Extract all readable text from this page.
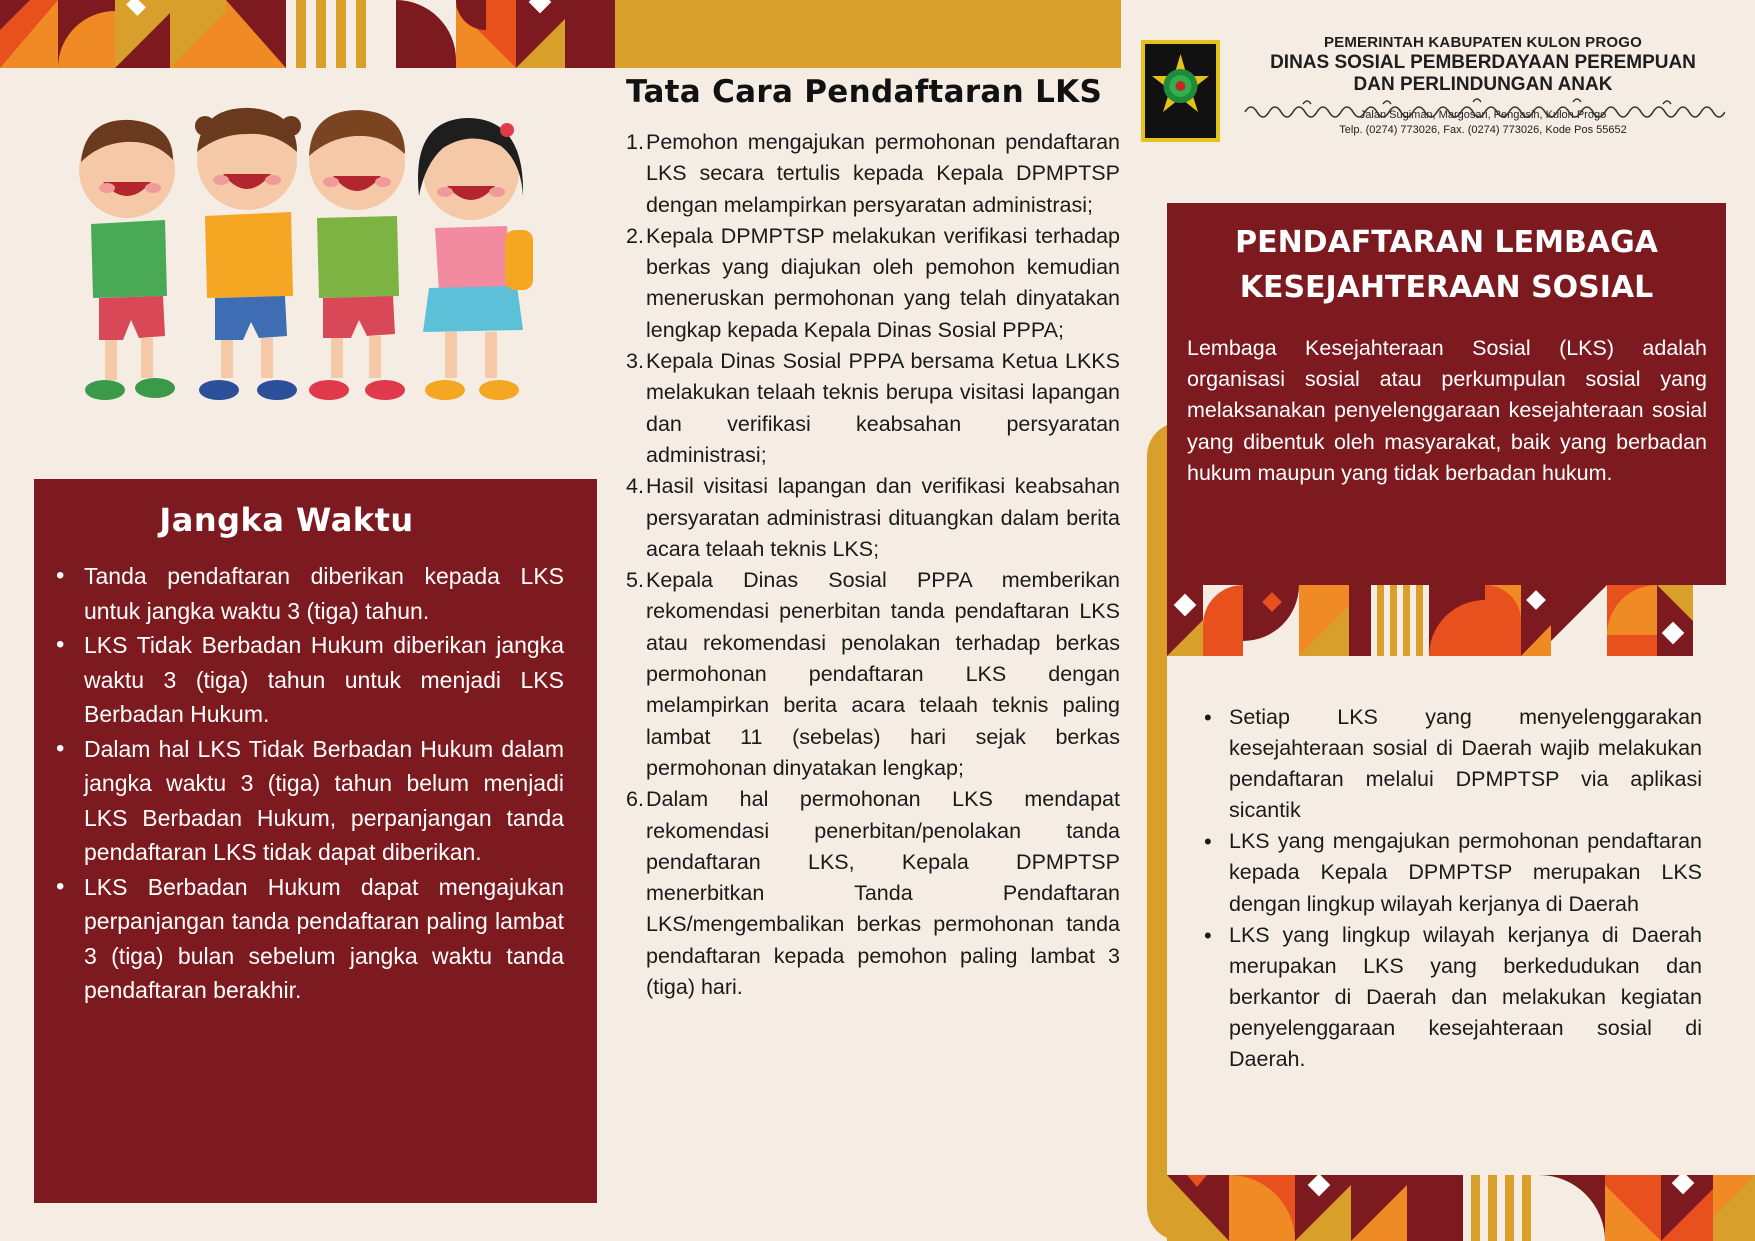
Jangka Waktu
• Tanda pendaftaran diberikan kepada LKS untuk jangka waktu 3 (tiga) tahun.
• LKS Tidak Berbadan Hukum diberikan jangka waktu 3 (tiga) tahun untuk menjadi LKS Berbadan Hukum.
• Dalam hal LKS Tidak Berbadan Hukum dalam jangka waktu 3 (tiga) tahun belum menjadi LKS Berbadan Hukum, perpanjangan tanda pendaftaran LKS tidak dapat diberikan.
• LKS Berbadan Hukum dapat mengajukan perpanjangan tanda pendaftaran paling lambat 3 (tiga) bulan sebelum jangka waktu tanda pendaftaran berakhir.
Tata Cara Pendaftaran LKS
1. Pemohon mengajukan permohonan pendaftaran LKS secara tertulis kepada Kepala DPMPTSP dengan melampirkan persyaratan administrasi;
2. Kepala DPMPTSP melakukan verifikasi terhadap berkas yang diajukan oleh pemohon kemudian meneruskan permohonan yang telah dinyatakan lengkap kepada Kepala Dinas Sosial PPPA;
3. Kepala Dinas Sosial PPPA bersama Ketua LKKS melakukan telaah teknis berupa visitasi lapangan dan verifikasi keabsahan persyaratan administrasi;
4. Hasil visitasi lapangan dan verifikasi keabsahan persyaratan administrasi dituangkan dalam berita acara telaah teknis LKS;
5. Kepala Dinas Sosial PPPA memberikan rekomendasi penerbitan tanda pendaftaran LKS atau rekomendasi penolakan terhadap berkas permohonan pendaftaran LKS dengan melampirkan berita acara telaah teknis paling lambat 11 (sebelas) hari sejak berkas permohonan dinyatakan lengkap;
6. Dalam hal permohonan LKS mendapat rekomendasi penerbitan/penolakan tanda pendaftaran LKS, Kepala DPMPTSP menerbitkan Tanda Pendaftaran LKS/mengembalikan berkas permohonan tanda pendaftaran kepada pemohon paling lambat 3 (tiga) hari.
PEMERINTAH KABUPATEN KULON PROGO
DINAS SOSIAL PEMBERDAYAAN PEREMPUAN
DAN PERLINDUNGAN ANAK
Jalan Sugiman, Margosari, Pengasih, Kulon Progo
Telp. (0274) 773026, Fax. (0274) 773026, Kode Pos 55652
PENDAFTARAN LEMBAGA
KESEJAHTERAAN SOSIAL
Lembaga Kesejahteraan Sosial (LKS) adalah organisasi sosial atau perkumpulan sosial yang melaksanakan penyelenggaraan kesejahteraan sosial yang dibentuk oleh masyarakat, baik yang berbadan hukum maupun yang tidak berbadan hukum.
• Setiap LKS yang menyelenggarakan kesejahteraan sosial di Daerah wajib melakukan pendaftaran melalui DPMPTSP via aplikasi sicantik
• LKS yang mengajukan permohonan pendaftaran kepada Kepala DPMPTSP merupakan LKS dengan lingkup wilayah kerjanya di Daerah
• LKS yang lingkup wilayah kerjanya di Daerah merupakan LKS yang berkedudukan dan berkantor di Daerah dan melakukan kegiatan penyelenggaraan kesejahteraan sosial di Daerah.
